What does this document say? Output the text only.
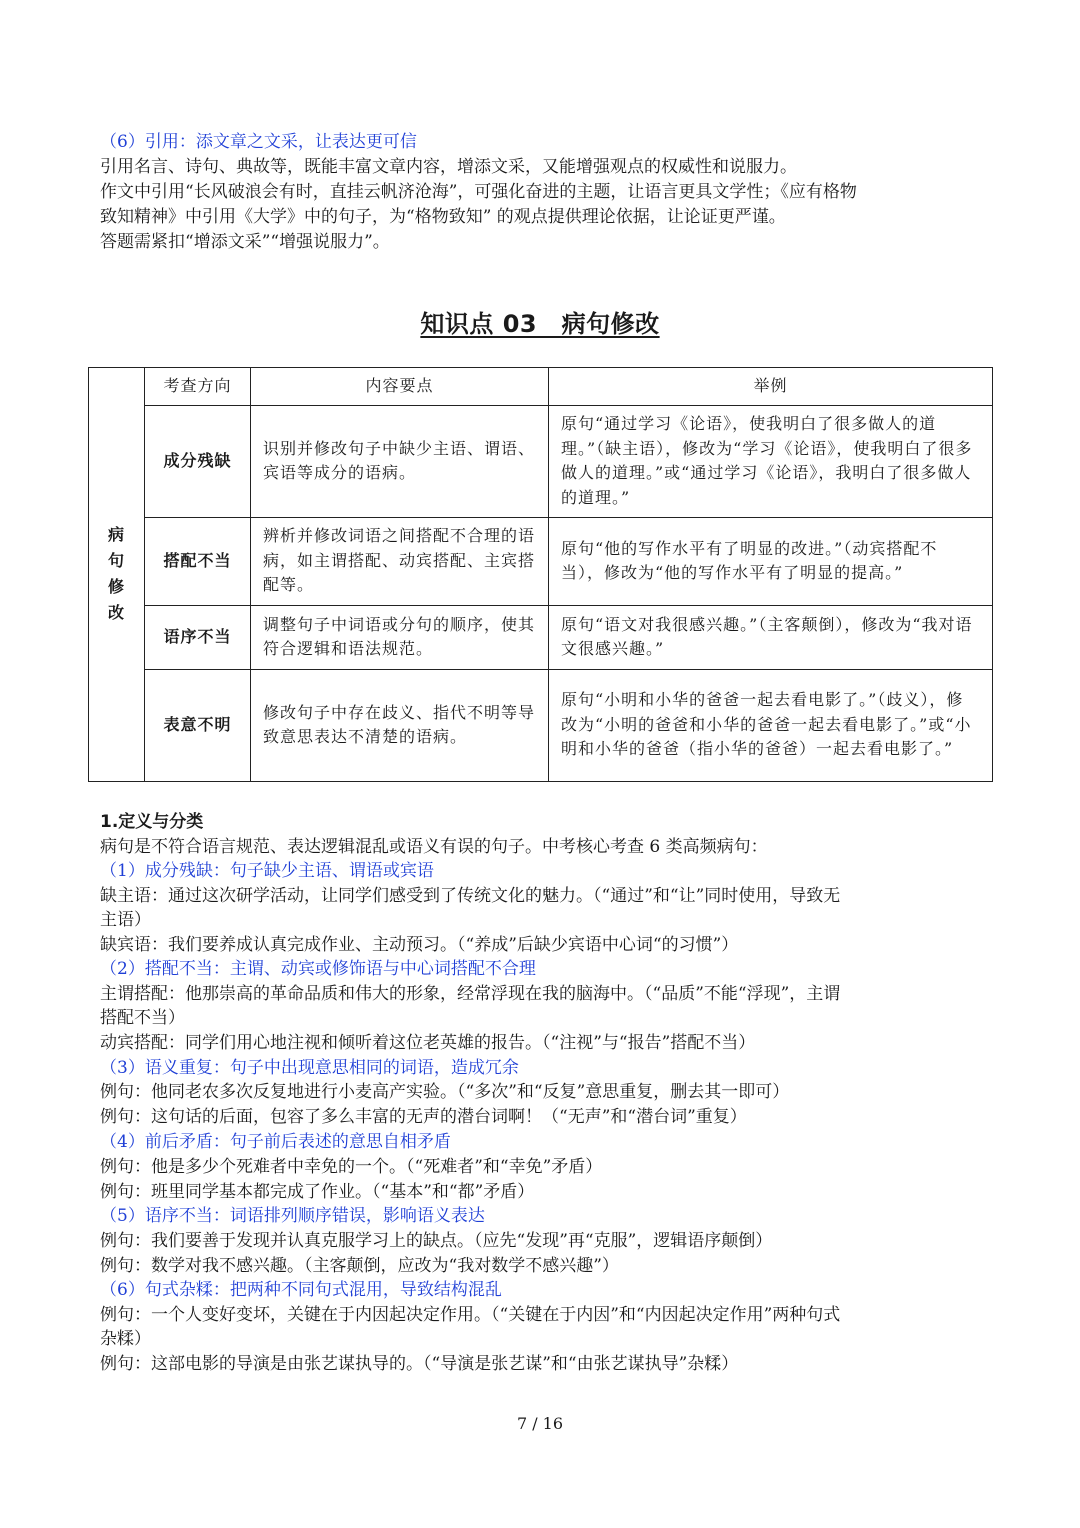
（6）引用：添文章之文采，让表达更可信
引用名言、诗句、典故等，既能丰富文章内容，增添文采，又能增强观点的权威性和说服力。
作文中引用“长风破浪会有时，直挂云帆济沧海”，可强化奋进的主题，让语言更具文学性；《应有格物
致知精神》中引用《大学》中的句子，为“格物致知” 的观点提供理论依据，让论证更严谨。
答题需紧扣“增添文采”“增强说服力”。
知识点 03　病句修改
病句修改	考查方向	内容要点	举例
	成分残缺	识别并修改句子中缺少主语、谓语、宾语等成分的语病。	原句“通过学习《论语》，使我明白了很多做人的道理。”（缺主语），修改为“学习《论语》，使我明白了很多做人的道理。”或“通过学习《论语》，我明白了很多做人的道理。”
	搭配不当	辨析并修改词语之间搭配不合理的语病，如主谓搭配、动宾搭配、主宾搭配等。	原句“他的写作水平有了明显的改进。”（动宾搭配不当），修改为“他的写作水平有了明显的提高。”
	语序不当	调整句子中词语或分句的顺序，使其符合逻辑和语法规范。	原句“语文对我很感兴趣。”（主客颠倒），修改为“我对语文很感兴趣。”
	表意不明	修改句子中存在歧义、指代不明等导致意思表达不清楚的语病。	原句“小明和小华的爸爸一起去看电影了。”（歧义），修改为“小明的爸爸和小华的爸爸一起去看电影了。”或“小明和小华的爸爸（指小华的爸爸）一起去看电影了。”
1.定义与分类
病句是不符合语言规范、表达逻辑混乱或语义有误的句子。中考核心考查 6 类高频病句：
（1）成分残缺：句子缺少主语、谓语或宾语
缺主语：通过这次研学活动，让同学们感受到了传统文化的魅力。（“通过”和“让”同时使用，导致无
主语）
缺宾语：我们要养成认真完成作业、主动预习。（“养成”后缺少宾语中心词“的习惯”）
（2）搭配不当：主谓、动宾或修饰语与中心词搭配不合理
主谓搭配：他那崇高的革命品质和伟大的形象，经常浮现在我的脑海中。（“品质”不能“浮现”，主谓
搭配不当）
动宾搭配：同学们用心地注视和倾听着这位老英雄的报告。（“注视”与“报告”搭配不当）
（3）语义重复：句子中出现意思相同的词语，造成冗余
例句：他同老农多次反复地进行小麦高产实验。（“多次”和“反复”意思重复，删去其一即可）
例句：这句话的后面，包容了多么丰富的无声的潜台词啊！（“无声”和“潜台词”重复）
（4）前后矛盾：句子前后表述的意思自相矛盾
例句：他是多少个死难者中幸免的一个。（“死难者”和“幸免”矛盾）
例句：班里同学基本都完成了作业。（“基本”和“都”矛盾）
（5）语序不当：词语排列顺序错误，影响语义表达
例句：我们要善于发现并认真克服学习上的缺点。（应先“发现”再“克服”，逻辑语序颠倒）
例句：数学对我不感兴趣。（主客颠倒，应改为“我对数学不感兴趣”）
（6）句式杂糅：把两种不同句式混用，导致结构混乱
例句：一个人变好变坏，关键在于内因起决定作用。（“关键在于内因”和“内因起决定作用”两种句式
杂糅）
例句：这部电影的导演是由张艺谋执导的。（“导演是张艺谋”和“由张艺谋执导”杂糅）
7 / 16
